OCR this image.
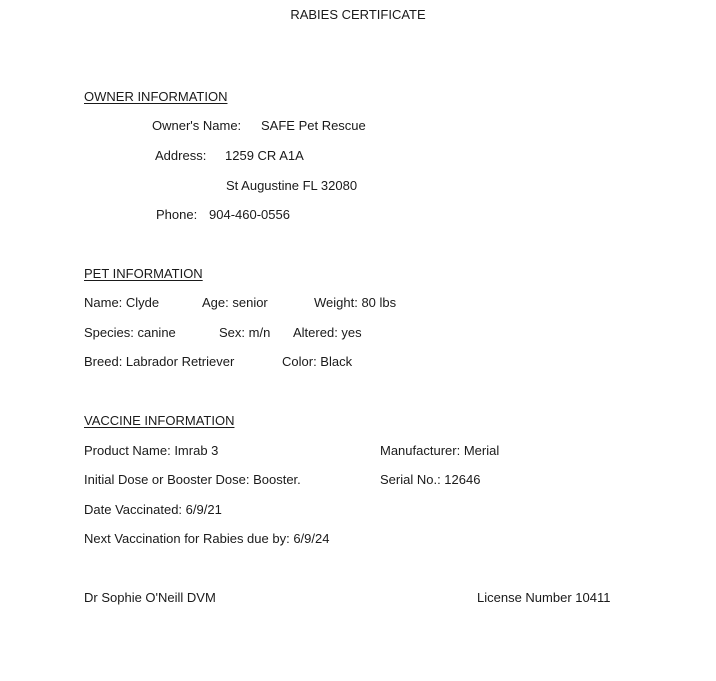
RABIES CERTIFICATE
OWNER INFORMATION
Owner's Name: SAFE Pet Rescue
Address: 1259 CR A1A
St Augustine FL 32080
Phone: 904-460-0556
PET INFORMATION
Name: Clyde	Age: senior	Weight: 80 lbs
Species: canine	Sex: m/n Altered: yes
Breed: Labrador Retriever	Color: Black
VACCINE INFORMATION
Product Name: Imrab 3	Manufacturer: Merial
Initial Dose or Booster Dose: Booster.	Serial No.: 12646
Date Vaccinated: 6/9/21
Next Vaccination for Rabies due by: 6/9/24
Dr Sophie O'Neill DVM	License Number 10411
